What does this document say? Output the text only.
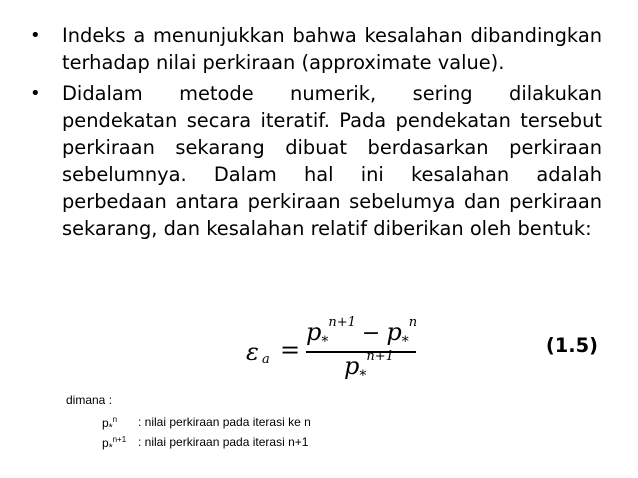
• Indeks a menunjukkan bahwa kesalahan dibandingkan terhadap nilai perkiraan (approximate value).

• Didalam metode numerik, sering dilakukan pendekatan secara iteratif. Pada pendekatan tersebut perkiraan sekarang dibuat berdasarkan perkiraan sebelumnya. Dalam hal ini kesalahan adalah perbedaan antara perkiraan sebelumya dan perkiraan sekarang, dan kesalahan relatif diberikan oleh bentuk:

ε a =
p*$^{n+1}$ − p*$^n$
p*$^{n+1}$	(1.5)

dimana :

$p_*^n$ : nilai perkiraan pada iterasi ke n
$p_*^{n+1}$ : nilai perkiraan pada iterasi n+1
